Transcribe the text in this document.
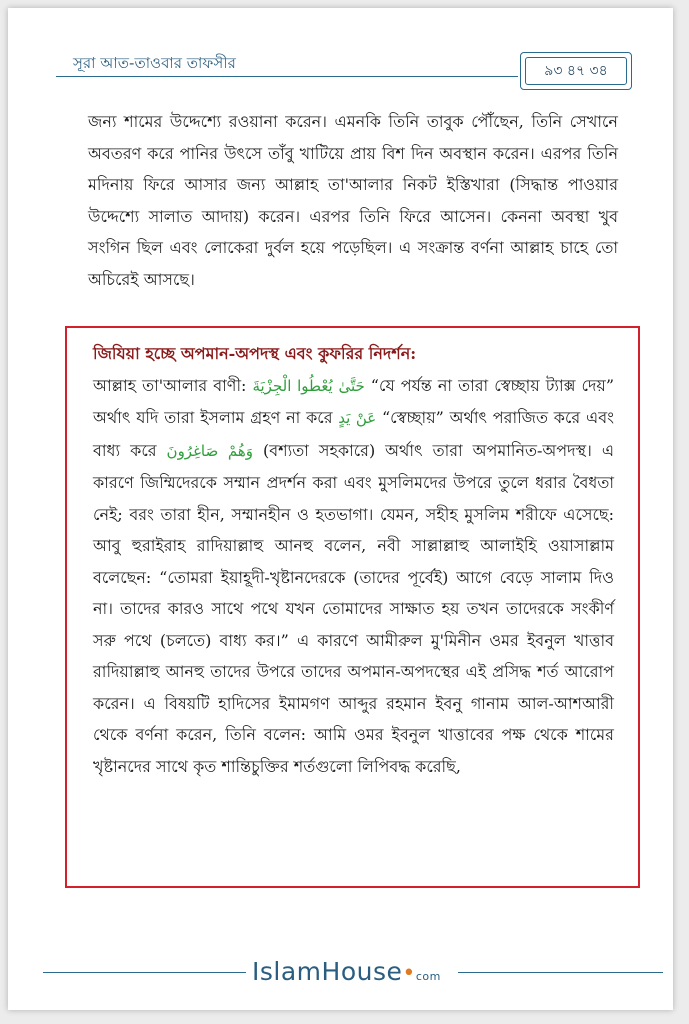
সূরা আত-তাওবার তাফসীর	৯৩ ৪৭ ৩৪

জন্য শামের উদ্দেশ্যে রওয়ানা করেন। এমনকি তিনি তাবুক পৌঁছেন, তিনি সেখানে অবতরণ করে পানির উৎসে তাঁবু খাটিয়ে প্রায় বিশ দিন অবস্থান করেন। এরপর তিনি মদিনায় ফিরে আসার জন্য আল্লাহ তা'আলার নিকট ইস্তিখারা (সিদ্ধান্ত পাওয়ার উদ্দেশ্যে সালাত আদায়) করেন। এরপর তিনি ফিরে আসেন। কেননা অবস্থা খুব সংগিন ছিল এবং লোকেরা দুর্বল হয়ে পড়েছিল। এ সংক্রান্ত বর্ণনা আল্লাহ চাহে তো অচিরেই আসছে।

জিযিয়া হচ্ছে অপমান-অপদস্থ এবং কুফরির নিদর্শন:

আল্লাহ তা'আলার বাণী: حَتَّىٰ يُعْطُوا الْجِزْيَةَ “যে পর্যন্ত না তারা স্বেচ্ছায় ট্যাক্স দেয়” অর্থাৎ যদি তারা ইসলাম গ্রহণ না করে عَنْ يَدٍ “স্বেচ্ছায়” অর্থাৎ পরাজিত করে এবং বাধ্য করে وَهُمْ صَاغِرُونَ (বশ্যতা সহকারে) অর্থাৎ তারা অপমানিত-অপদস্থ। এ কারণে জিম্মিদেরকে সম্মান প্রদর্শন করা এবং মুসলিমদের উপরে তুলে ধরার বৈধতা নেই; বরং তারা হীন, সম্মানহীন ও হতভাগা। যেমন, সহীহ মুসলিম শরীফে এসেছে: আবু হুরাইরাহ রাদিয়াল্লাহু আনহু বলেন, নবী সাল্লাল্লাহু আলাইহি ওয়াসাল্লাম বলেছেন: “তোমরা ইয়াহূদী-খৃষ্টানদেরকে (তাদের পূর্বেই) আগে বেড়ে সালাম দিও না। তাদের কারও সাথে পথে যখন তোমাদের সাক্ষাত হয় তখন তাদেরকে সংকীর্ণ সরু পথে (চলতে) বাধ্য কর।” এ কারণে আমীরুল মু'মিনীন ওমর ইবনুল খাত্তাব রাদিয়াল্লাহু আনহু তাদের উপরে তাদের অপমান-অপদস্থের এই প্রসিদ্ধ শর্ত আরোপ করেন। এ বিষয়টি হাদিসের ইমামগণ আব্দুর রহমান ইবনু গানাম আল-আশআরী থেকে বর্ণনা করেন, তিনি বলেন: আমি ওমর ইবনুল খাত্তাবের পক্ষ থেকে শামের খৃষ্টানদের সাথে কৃত শান্তিচুক্তির শর্তগুলো লিপিবদ্ধ করেছি,

IslamHouse•com
